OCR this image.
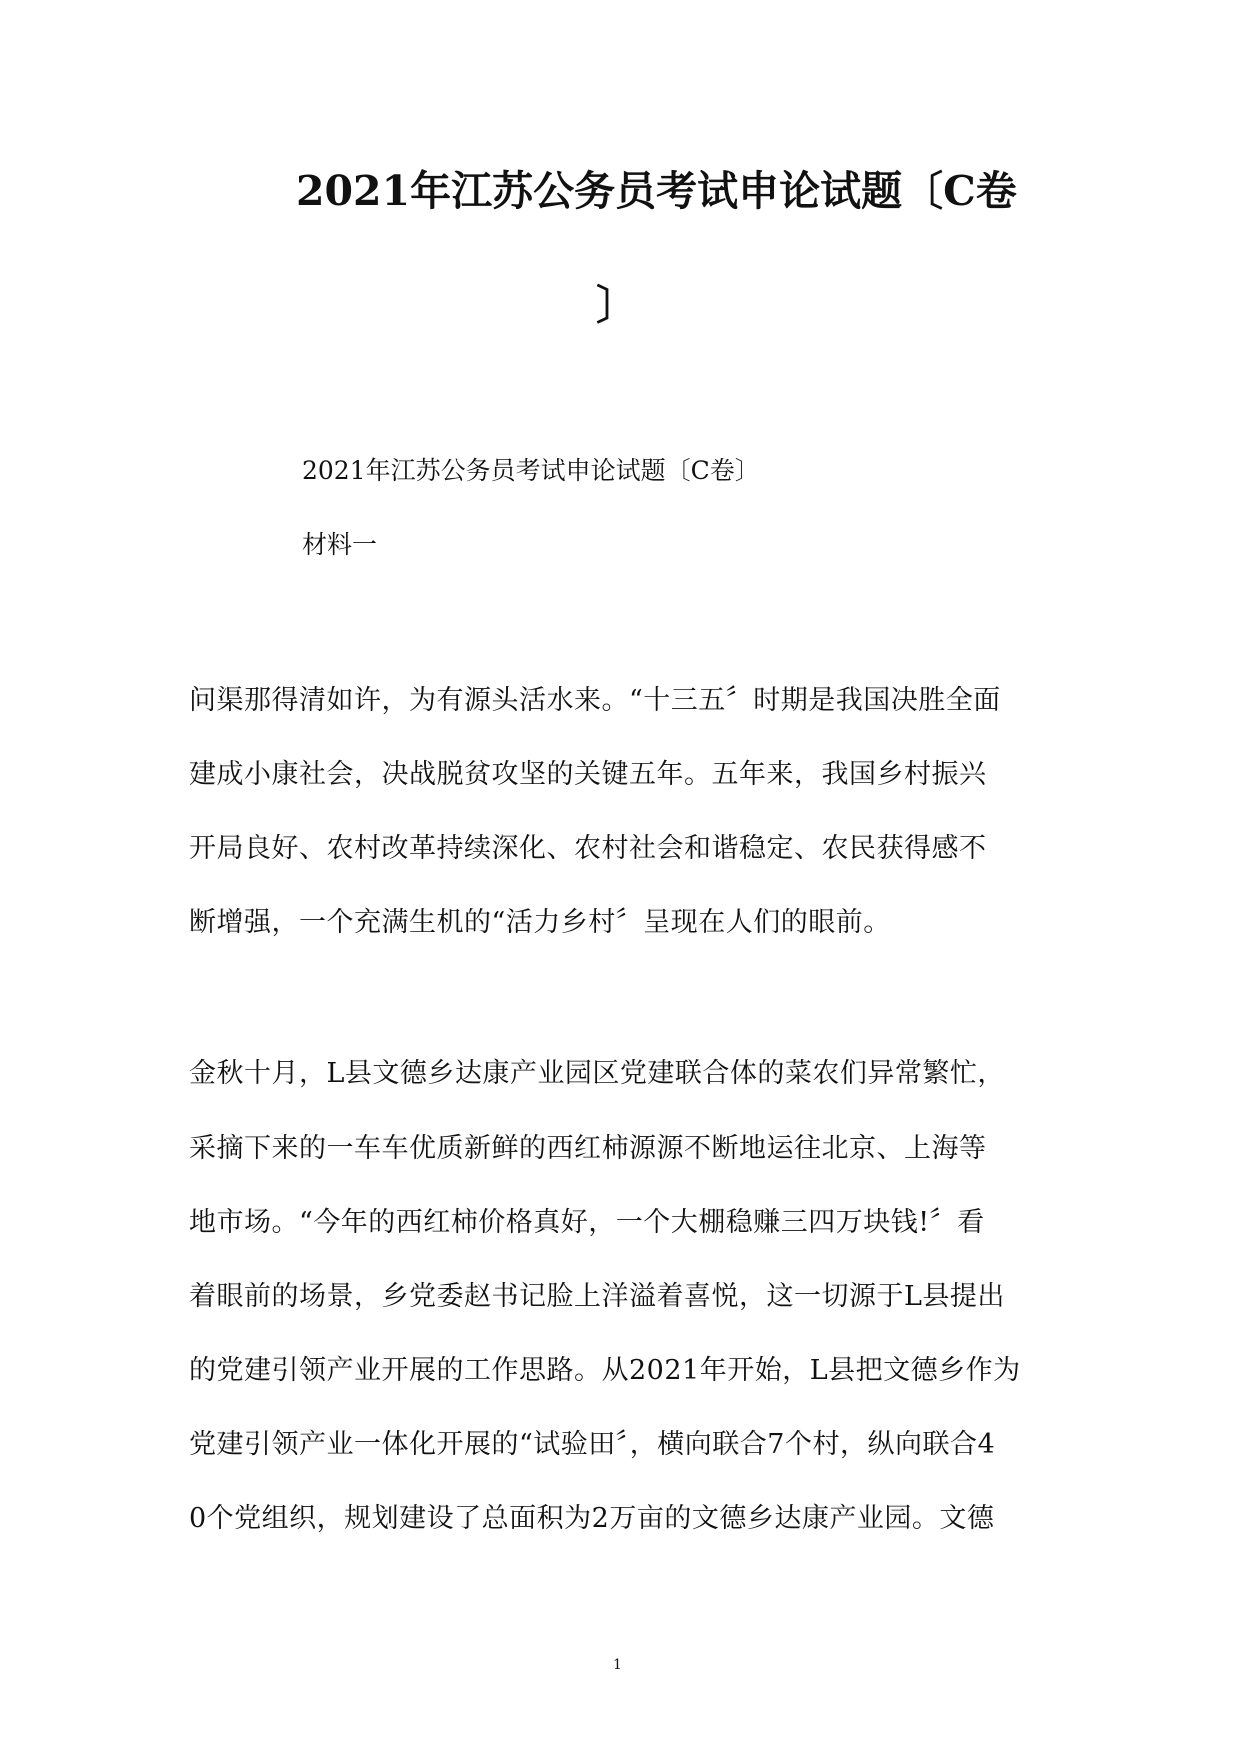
2021年江苏公务员考试申论试题〔C卷
〕
2021年江苏公务员考试申论试题〔C卷〕
材料一
问渠那得清如许，为有源头活水来。“十三五〞时期是我国决胜全面
建成小康社会，决战脱贫攻坚的关键五年。五年来，我国乡村振兴
开局良好、农村改革持续深化、农村社会和谐稳定、农民获得感不
断增强，一个充满生机的“活力乡村〞呈现在人们的眼前。
金秋十月，L县文德乡达康产业园区党建联合体的菜农们异常繁忙，
采摘下来的一车车优质新鲜的西红柿源源不断地运往北京、上海等
地市场。“今年的西红柿价格真好，一个大棚稳赚三四万块钱!〞看
着眼前的场景，乡党委赵书记脸上洋溢着喜悦，这一切源于L县提出
的党建引领产业开展的工作思路。从2021年开始，L县把文德乡作为
党建引领产业一体化开展的“试验田〞，横向联合7个村，纵向联合4
0个党组织，规划建设了总面积为2万亩的文德乡达康产业园。文德
1
